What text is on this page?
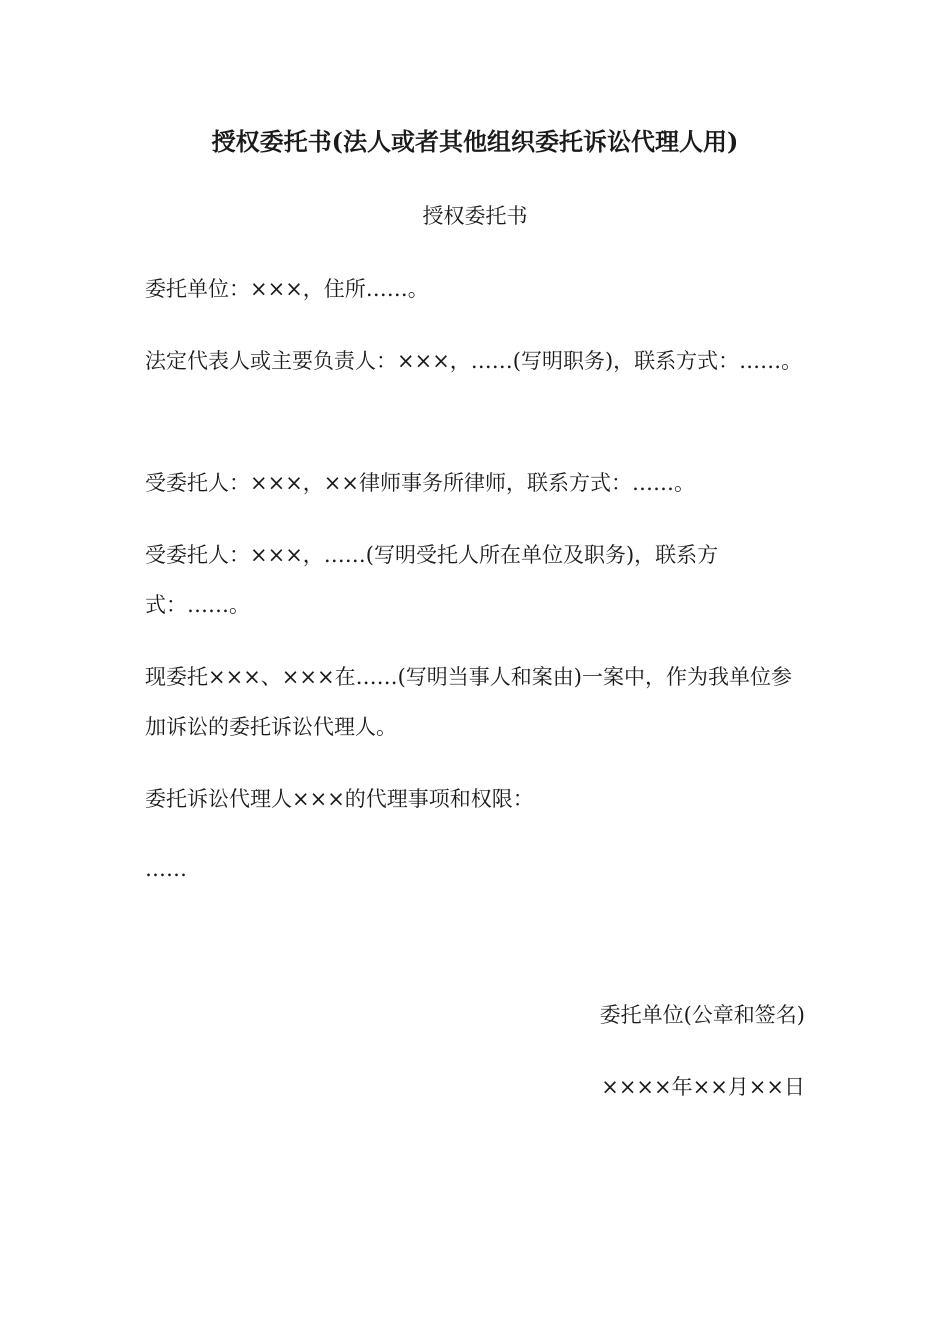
授权委托书(法人或者其他组织委托诉讼代理人用)
授权委托书

委托单位：×××，住所……。

法定代表人或主要负责人：×××，……(写明职务)，联系方式：……。

受委托人：×××，××律师事务所律师，联系方式：……。

受委托人：×××，……(写明受托人所在单位及职务)，联系方式：……。

现委托×××、×××在……(写明当事人和案由)一案中，作为我单位参加诉讼的委托诉讼代理人。

委托诉讼代理人×××的代理事项和权限：

……

委托单位(公章和签名)

××××年××月××日
